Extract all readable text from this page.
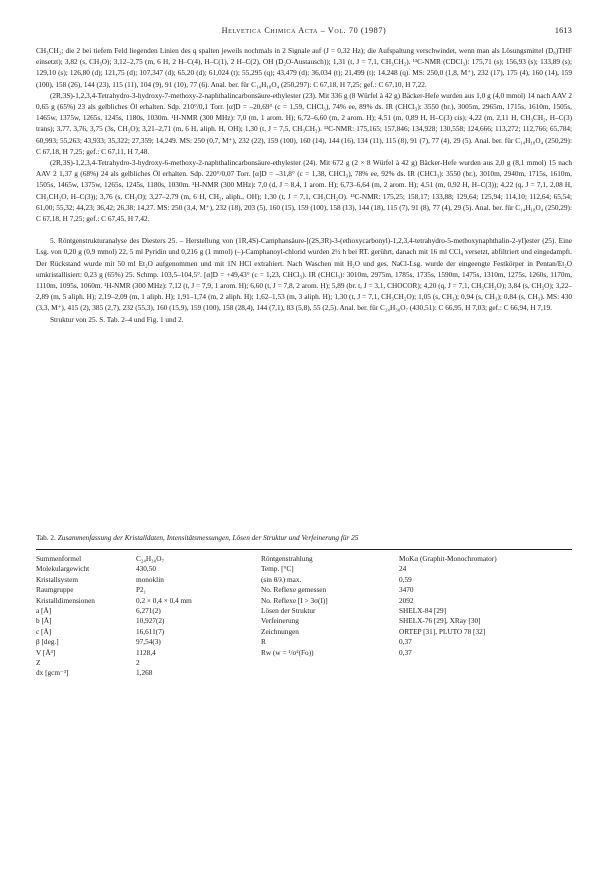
Helvetica Chimica Acta – Vol. 70 (1987)	1613

CH₃CH₂; die 2 bei tiefem Feld liegenden Linien des q spalten jeweils nochmals in 2 Signale auf (J = 0,32 Hz); die Aufspaltung verschwindet, wenn man als Lösungsmittel (D₈)THF einsetzt); 3,82 (s, CH₃O); 3,12–2,75 (m, 6 H, 2 H–C(4), H–C(1), 2 H–C(2), OH (D₂O-Austausch)); 1,31 (t, J = 7,1, CH₃CH₂). ¹³C-NMR (CDCl₃): 175,71 (s); 156,93 (s); 133,89 (s); 129,10 (s); 126,80 (d); 121,75 (d); 107,347 (d); 65,20 (d); 61,024 (t); 55,295 (q); 43,479 (d); 36,034 (t); 21,499 (t); 14,248 (q). MS: 250,0 (1,8, M⁺), 232 (17), 175 (4), 160 (14), 159 (100), 158 (26), 144 (23), 115 (11), 104 (9), 91 (10), 77 (6). Anal. ber. für C₁₄H₁₈O₄ (250,297): C 67,18, H 7,25; gef.: C 67,10, H 7,22.

(2R,3S)-1,2,3,4-Tetrahydro-3-hydroxy-7-methoxy-2-naphthalincarbonsäure-ethylester (23). Mit 336 g (8 Würfel à 42 g) Bäcker-Hefe wurden aus 1,0 g (4,0 mmol) 14 nach AAV 2 0,65 g (65%) 23 als gelbliches Öl erhalten. Sdp. 210°/0,1 Torr. [α]D = –20,69° (c = 1,59, CHCl₃), 74% ee, 89% ds. IR (CHCl₃): 3550 (br.), 3005m, 2965m, 1715s, 1610m, 1505s, 1465w, 1375w, 1265s, 1245s, 1180s, 1030m. ¹H-NMR (300 MHz): 7,0 (m, 1 arom. H); 6,72–6,60 (m, 2 arom. H); 4,51 (m, 0,89 H, H–C(3) cis); 4,22 (m, 2,11 H, CH₃CH₂, H–C(3) trans); 3,77, 3,76, 3,75 (3s, CH₃O); 3,21–2,71 (m, 6 H, aliph. H, OH); 1,30 (t, J = 7,5, CH₃CH₂). ¹³C-NMR: 175,165; 157,846; 134,928; 130,558; 124,666; 113,272; 112,766; 65,784; 60,993; 55,263; 43,933; 35,322; 27,359; 14,249. MS: 250 (0,7, M⁺), 232 (22), 159 (100), 160 (14), 144 (16), 134 (11), 115 (8), 91 (7), 77 (4), 29 (5). Anal. ber. für C₁₄H₁₈O₄ (250,29): C 67,18, H 7,25; gef.: C 67,11, H 7,48.

(2R,3S)-1,2,3,4-Tetrahydro-3-hydroxy-6-methoxy-2-naphthalincarbonsäure-ethylester (24). Mit 672 g (2 × 8 Würfel à 42 g) Bäcker-Hefe wurden aus 2,0 g (8,1 mmol) 15 nach AAV 2 1,37 g (68%) 24 als gelbliches Öl erhalten. Sdp. 220°/0,07 Torr. [α]D = –31,8° (c = 1,38, CHCl₃), 78% ee, 92% ds. IR (CHCl₃): 3550 (br.), 3010m, 2940m, 1715s, 1610m, 1505s, 1465w, 1375w, 1265s, 1245s, 1180s, 1030m. ¹H-NMR (300 MHz): 7,0 (d, J = 8,4, 1 arom. H); 6,73–6,64 (m, 2 arom. H); 4,51 (m, 0,92 H, H–C(3)); 4,22 (q, J = 7,1, 2,08 H, CH₃CH₂O, H–C(3)); 3,76 (s, CH₃O); 3,27–2,79 (m, 6 H, CH₂, aliph., OH); 1,30 (t, J = 7,1, CH₃CH₂O). ¹³C-NMR: 175,25; 158,17; 133,88; 129,64; 125,94; 114,10; 112,64; 65,54; 61,00; 55,32; 44,23; 36,42; 26,38; 14,27. MS: 250 (3,4, M⁺), 232 (18), 203 (5), 160 (15), 159 (100), 158 (13), 144 (18), 115 (7), 91 (8), 77 (4), 29 (5). Anal. ber. für C₁₄H₁₈O₄ (250,29): C 67,18, H 7,25; gef.: C 67,45, H 7,42.

5. Röntgenstrukturanalyse des Diesters 25. – Herstellung von (1R,4S)-Camphansäure-[(2S,3R)-3-(ethoxycarbonyl)-1,2,3,4-tetrahydro-5-methoxynaphthalin-2-yl]ester (25). Eine Lsg. von 0,20 g (0,9 mmol) 22, 5 ml Pyridin und 0,216 g (1 mmol) (–)-Camphanoyl-chlorid wurden 2½ h bei RT. gerührt, danach mit 16 ml CCl₄ versetzt, abfiltriert und eingedampft. Der Rückstand wurde mit 50 ml Et₂O aufgenommen und mit 1N HCl extrahiert. Nach Waschen mit H₂O und ges. NaCl-Lsg. wurde der eingeengte Festkörper in Pentan/Et₂O umkristallisiert: 0,23 g (65%) 25. Schmp. 103,5–104,5°. [α]D = +49,43° (c = 1,23, CHCl₃). IR (CHCl₃): 3010m, 2975m, 1785s, 1735s, 1590m, 1475s, 1310m, 1275s, 1260s, 1170m, 1110m, 1095s, 1060m. ¹H-NMR (300 MHz): 7,12 (t, J = 7,9, 1 arom. H); 6,60 (t, J = 7,8, 2 arom. H); 5,89 (br. t, J = 3,1, CHOCOR); 4,20 (q, J = 7,1, CH₃CH₂O); 3,84 (s, CH₃O); 3,22–2,89 (m, 5 aliph. H); 2,19–2,09 (m, 1 aliph. H); 1,91–1,74 (m, 2 aliph. H); 1,62–1,53 (m, 3 aliph. H); 1,30 (t, J = 7,1, CH₃CH₂O); 1,05 (s, CH₃); 0,94 (s, CH₃); 0,84 (s, CH₃). MS: 430 (3,3, M⁺), 415 (2), 385 (2,7), 232 (55,3), 160 (15,9), 159 (100), 158 (28,4), 144 (7,1), 83 (5,8), 55 (2,5). Anal. ber. für C₂₄H₃₀O₇ (430,51): C 66,95, H 7,03; gef.: C 66,94, H 7,19.

Struktur von 25. S. Tab. 2–4 und Fig. 1 und 2.

Tab. 2. Zusammenfassung der Kristalldaten, Intensitätsmessungen, Lösen der Struktur und Verfeinerung für 25
Summenformel	C₂₄H₃₀O₇	Röntgenstrahlung	MoKα (Graphit-Monochromator)
Molekulargewicht	430,50	Temp. [°C]	24
Kristallsystem	monoklin	(sin θ/λ) max.	0,59
Raumgruppe	P2₁	No. Reflexe gemessen	3470
Kristalldimensionen	0,2 × 0,4 × 0,4 mm	No. Reflexe [I > 3σ(I)]	2092
a [Å]	6,271(2)	Lösen der Struktur	SHELX-84 [29]
b [Å]	10,927(2)	Verfeinerung	SHELX-76 [29], XRay [30]
c [Å]	16,611(7)	Zeichnungen	ORTEP [31], PLUTO 78 [32]
β [deg.]	97,54(3)	R	0,37
V [Å³]	1128,4	Rw (w = ¹/σ²(Fo))	0,37
Z	2		
dx [gcm⁻³]	1,268		
